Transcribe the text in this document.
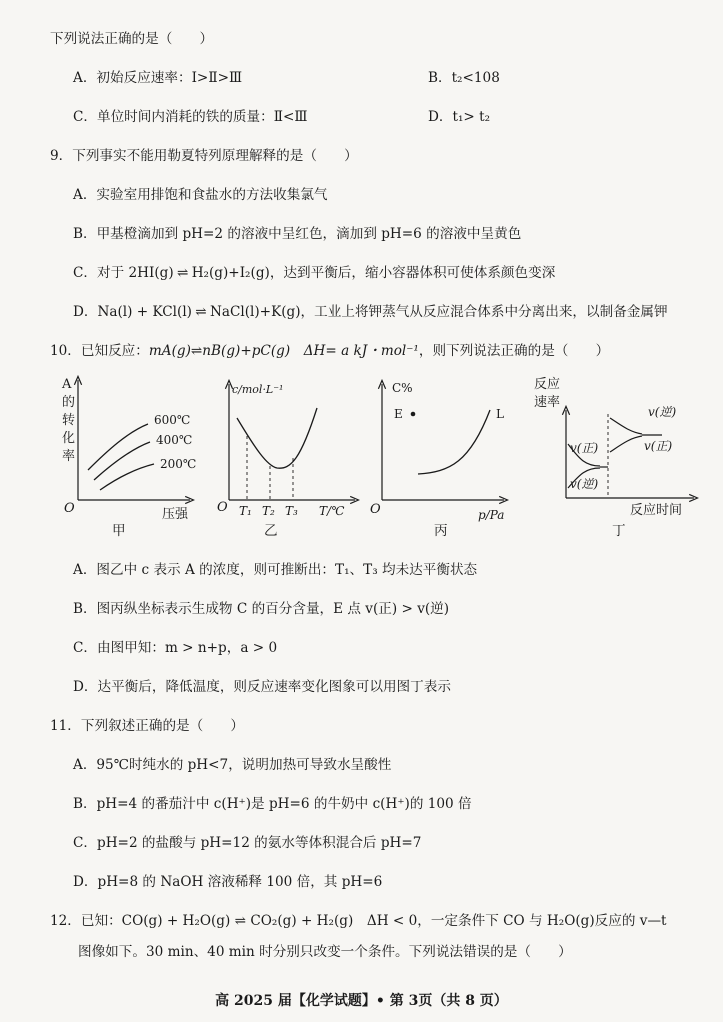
下列说法正确的是（　　）
A．初始反应速率：Ⅰ>Ⅱ>Ⅲ	B．t₂<108
C．单位时间内消耗的铁的质量：Ⅱ<Ⅲ	D．t₁> t₂
9．下列事实不能用勒夏特列原理解释的是（　　）
A．实验室用排饱和食盐水的方法收集氯气
B．甲基橙滴加到 pH=2 的溶液中呈红色，滴加到 pH=6 的溶液中呈黄色
C．对于 2HI(g) ⇌ H₂(g)+I₂(g)，达到平衡后，缩小容器体积可使体系颜色变深
D．Na(l) + KCl(l) ⇌ NaCl(l)+K(g)，工业上将钾蒸气从反应混合体系中分离出来，以制备金属钾
10．已知反应：mA(g)⇌nB(g)+pC(g)　ΔH= a kJ・mol⁻¹，则下列说法正确的是（　　）
A
的
转
化
率
600℃
400℃
200℃
O	压强
甲
c/mol·L⁻¹
O T₁ T₂ T₃ T/℃
乙
C%
E	L
O	p/Pa
丙
反应
速率
v(逆)
v(正)
v(正)
v(逆)
反应时间
丁
A．图乙中 c 表示 A 的浓度，则可推断出：T₁、T₃ 均未达平衡状态
B．图丙纵坐标表示生成物 C 的百分含量，E 点 v(正) > v(逆)
C．由图甲知：m > n+p，a > 0
D．达平衡后，降低温度，则反应速率变化图象可以用图丁表示
11．下列叙述正确的是（　　）
A．95℃时纯水的 pH<7，说明加热可导致水呈酸性
B．pH=4 的番茄汁中 c(H⁺)是 pH=6 的牛奶中 c(H⁺)的 100 倍
C．pH=2 的盐酸与 pH=12 的氨水等体积混合后 pH=7
D．pH=8 的 NaOH 溶液稀释 100 倍，其 pH=6
12．已知：CO(g) + H₂O(g) ⇌ CO₂(g) + H₂(g)　ΔH < 0，一定条件下 CO 与 H₂O(g)反应的 v—t
图像如下。30 min、40 min 时分别只改变一个条件。下列说法错误的是（　　）
高 2025 届【化学试题】• 第 3页（共 8 页）
